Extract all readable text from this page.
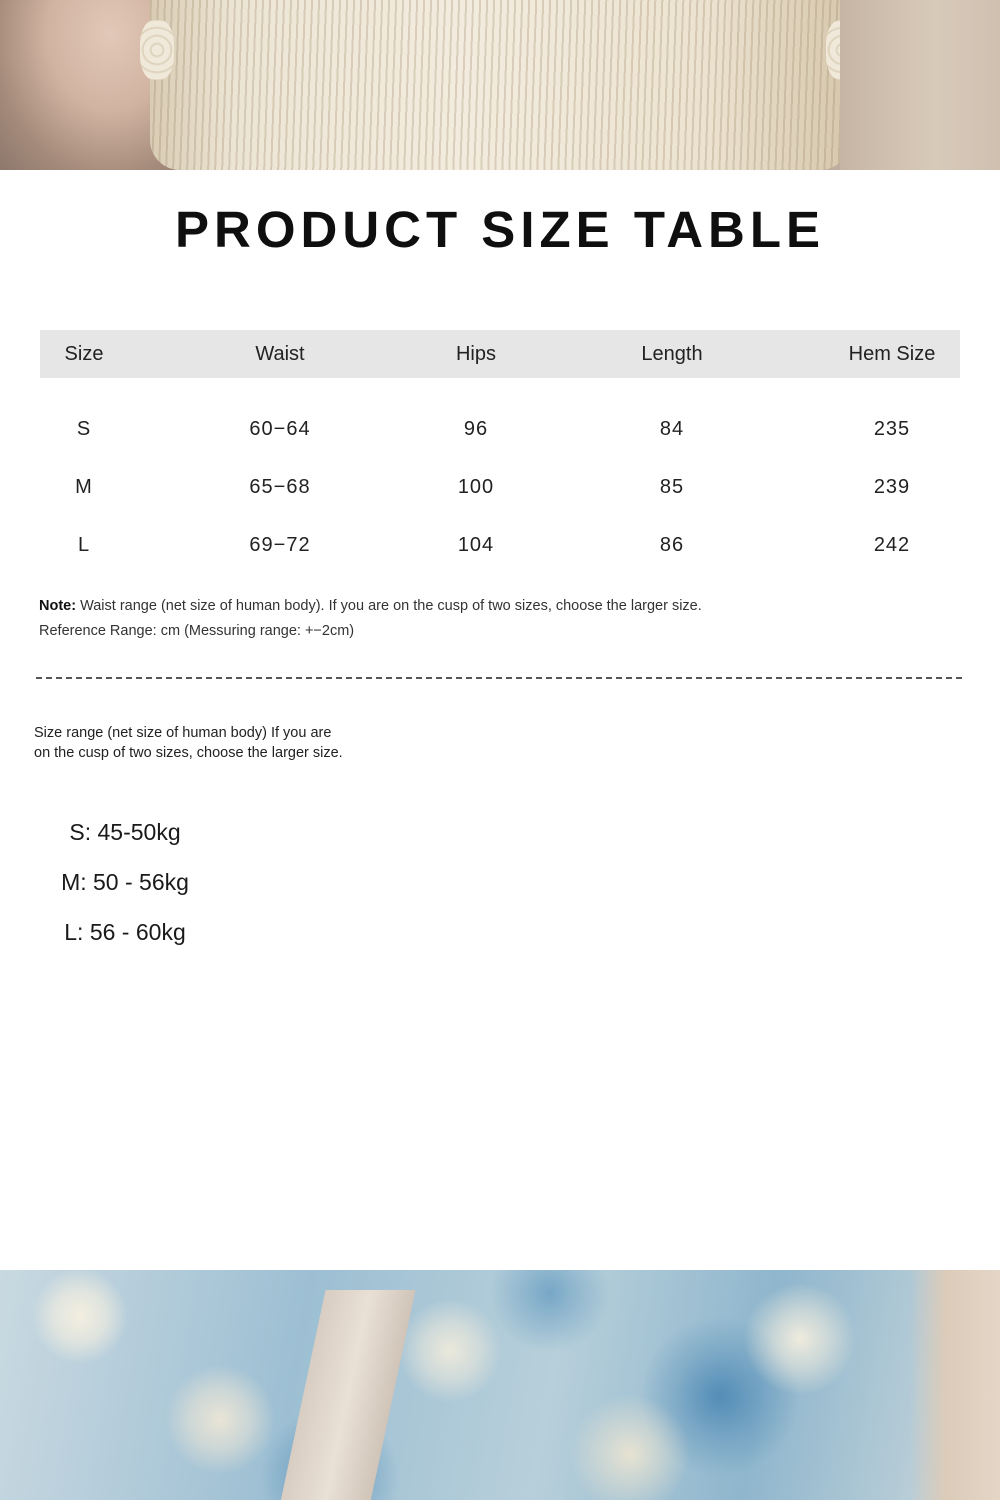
PRODUCT SIZE TABLE
Size	Waist	Hips	Length	Hem Size

S	60−64	96	84	235
M	65−68	100	85	239
L	69−72	104	86	242
Note: Waist range (net size of human body). If you are on the cusp of two sizes, choose the larger size.
Reference Range: cm (Messuring range: +−2cm)
Size range (net size of human body) If you are
on the cusp of two sizes, choose the larger size.
S: 45-50kg
M: 50 - 56kg
L: 56 - 60kg
